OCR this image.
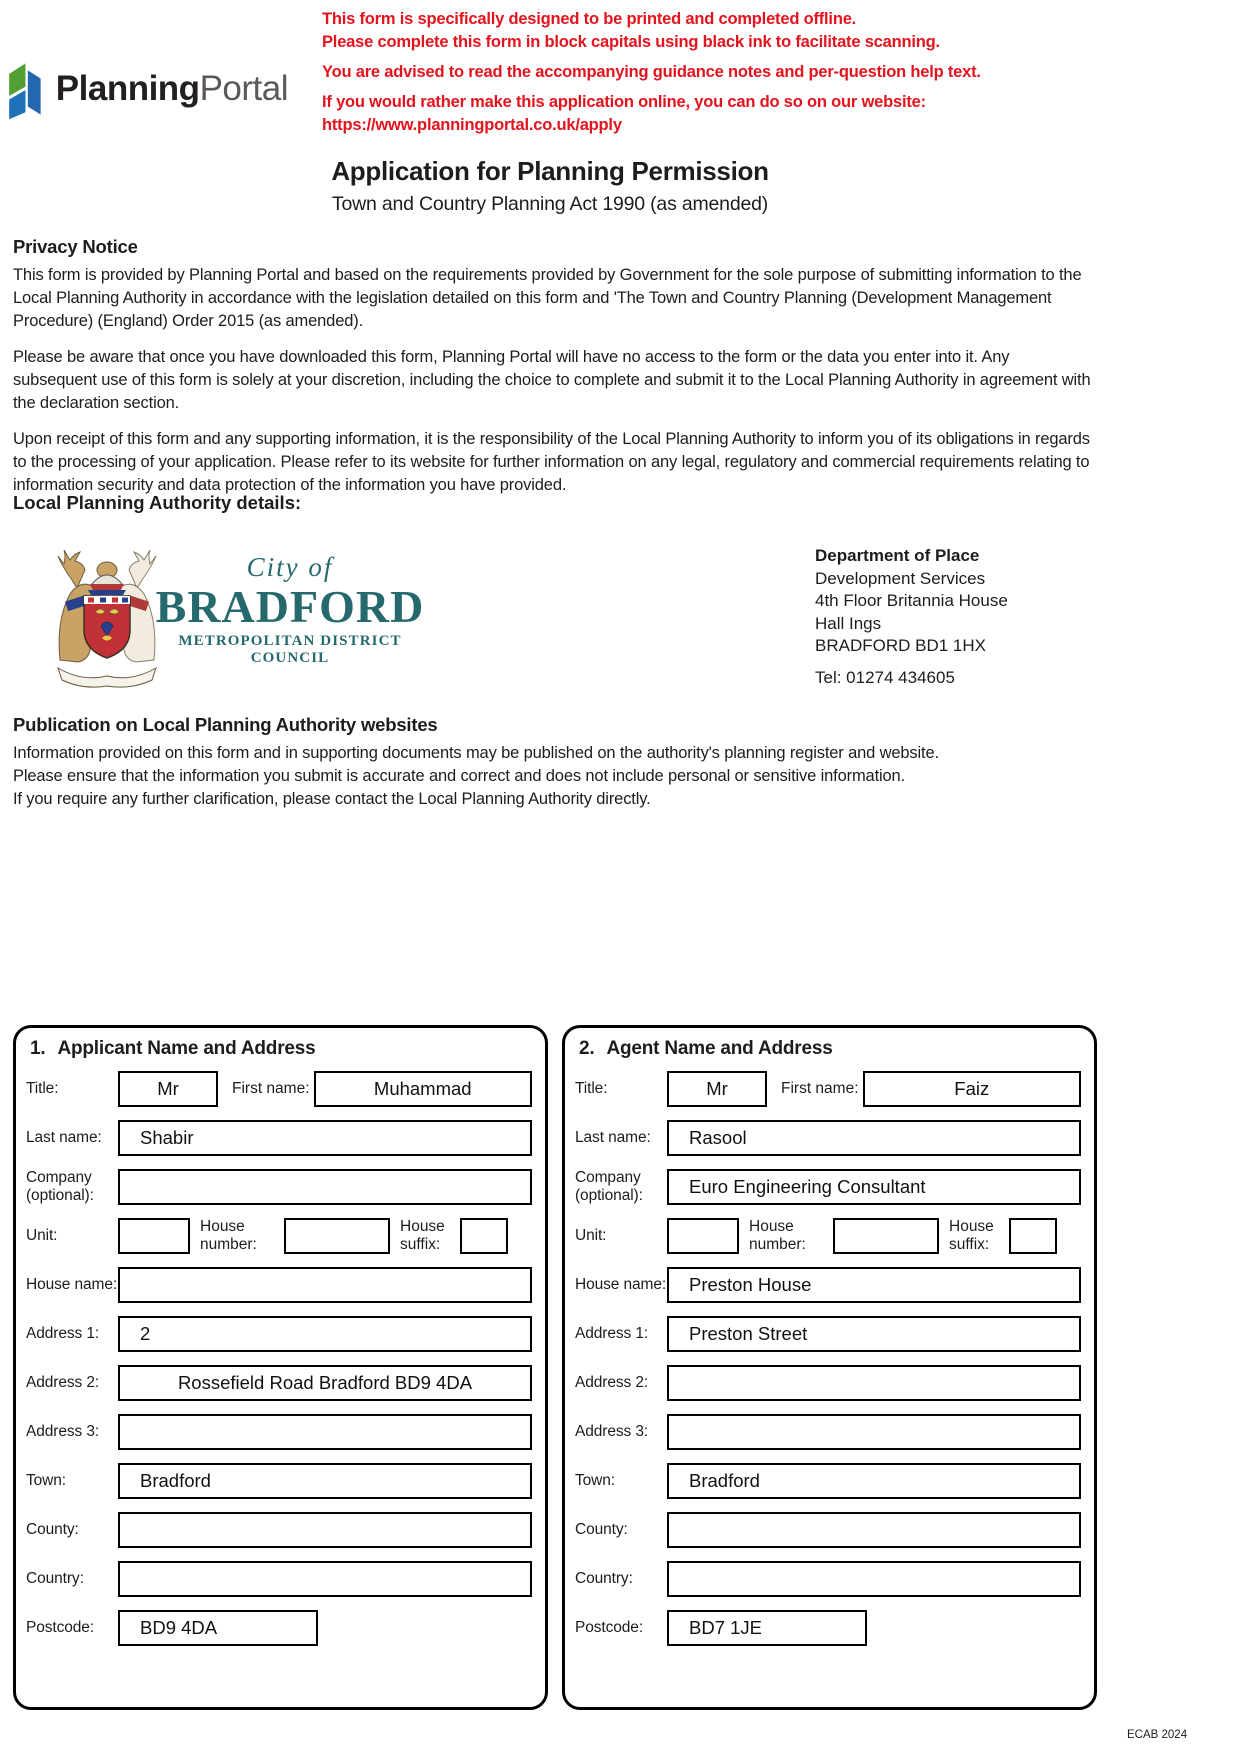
PlanningPortal
This form is specifically designed to be printed and completed offline.
Please complete this form in block capitals using black ink to facilitate scanning.
You are advised to read the accompanying guidance notes and per-question help text.
If you would rather make this application online, you can do so on our website:
https://www.planningportal.co.uk/apply
Application for Planning Permission
Town and Country Planning Act 1990 (as amended)
Privacy Notice

This form is provided by Planning Portal and based on the requirements provided by Government for the sole purpose of submitting information to the Local Planning Authority in accordance with the legislation detailed on this form and 'The Town and Country Planning (Development Management Procedure) (England) Order 2015 (as amended).

Please be aware that once you have downloaded this form, Planning Portal will have no access to the form or the data you enter into it. Any subsequent use of this form is solely at your discretion, including the choice to complete and submit it to the Local Planning Authority in agreement with the declaration section.

Upon receipt of this form and any supporting information, it is the responsibility of the Local Planning Authority to inform you of its obligations in regards to the processing of your application. Please refer to its website for further information on any legal, regulatory and commercial requirements relating to information security and data protection of the information you have provided.

Local Planning Authority details:
City of
BRADFORD
METROPOLITAN DISTRICT COUNCIL
Department of Place
Development Services
4th Floor Britannia House
Hall Ings
BRADFORD BD1 1HX
Tel: 01274 434605
Publication on Local Planning Authority websites
Information provided on this form and in supporting documents may be published on the authority's planning register and website.
Please ensure that the information you submit is accurate and correct and does not include personal or sensitive information.
If you require any further clarification, please contact the Local Planning Authority directly.
1. Applicant Name and Address
Title:
Mr	First name:
Muhammad
Last name:
Shabir
Company (optional):
Unit:
House number:
House suffix:
House name:
Address 1:
2
Address 2:
Rossefield Road Bradford BD9 4DA
Address 3:
Town:
Bradford
County:
Country:
Postcode:
BD9 4DA
2. Agent Name and Address
Title:
Mr	First name:
Faiz
Last name:
Rasool
Company (optional):
Euro Engineering Consultant
Unit:
House number:
House suffix:
House name:
Preston House
Address 1:
Preston Street
Address 2:
Address 3:
Town:
Bradford
County:
Country:
Postcode:
BD7 1JE
ECAB 2024
